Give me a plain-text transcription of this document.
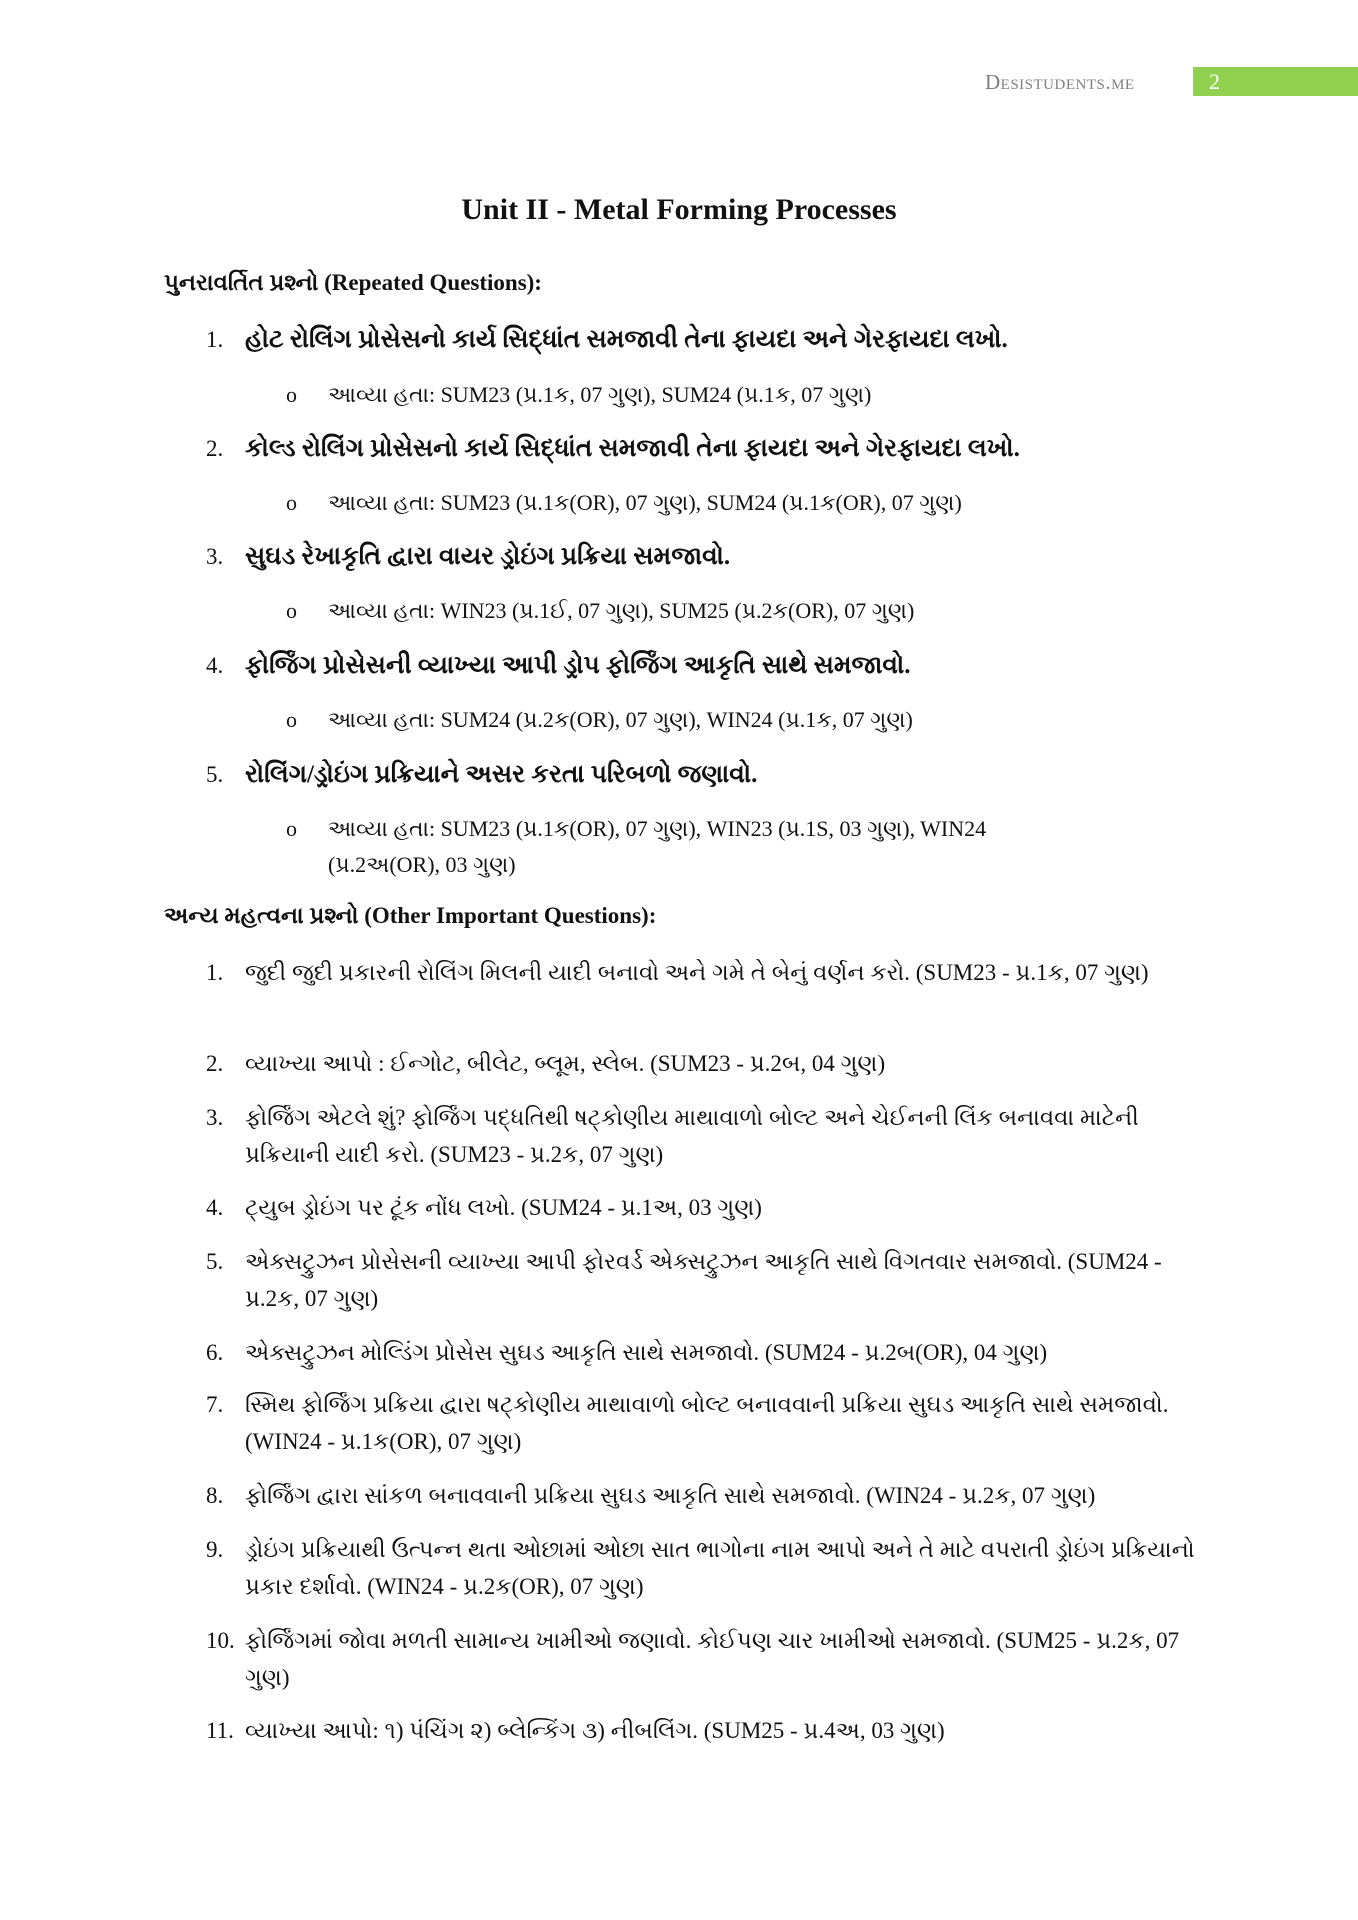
Desistudents.me	2
Unit II - Metal Forming Processes
પુનરાવર્તિત પ્રશ્નો (Repeated Questions):
1. હોટ રોલિંગ પ્રોસેસનો કાર્ય સિદ્ધાંત સમજાવી તેના ફાયદા અને ગેરફાયદા લખો.
o આવ્યા હતા: SUM23 (પ્ર.1ક, 07 ગુણ), SUM24 (પ્ર.1ક, 07 ગુણ)
2. કોલ્ડ રોલિંગ પ્રોસેસનો કાર્ય સિદ્ધાંત સમજાવી તેના ફાયદા અને ગેરફાયદા લખો.
o આવ્યા હતા: SUM23 (પ્ર.1ક(OR), 07 ગુણ), SUM24 (પ્ર.1ક(OR), 07 ગુણ)
3. સુઘડ રેખાકૃતિ દ્વારા વાયર ડ્રોઇંગ પ્રક્રિયા સમજાવો.
o આવ્યા હતા: WIN23 (પ્ર.1ઈ, 07 ગુણ), SUM25 (પ્ર.2ક(OR), 07 ગુણ)
4. ફોર્જિંગ પ્રોસેસની વ્યાખ્યા આપી ડ્રોપ ફોર્જિંગ આકૃતિ સાથે સમજાવો.
o આવ્યા હતા: SUM24 (પ્ર.2ક(OR), 07 ગુણ), WIN24 (પ્ર.1ક, 07 ગુણ)
5. રોલિંગ/ડ્રોઇંગ પ્રક્રિયાને અસર કરતા પરિબળો જણાવો.
o આવ્યા હતા: SUM23 (પ્ર.1ક(OR), 07 ગુણ), WIN23 (પ્ર.1S, 03 ગુણ), WIN24 (પ્ર.2અ(OR), 03 ગુણ)
અન્ય મહત્વના પ્રશ્નો (Other Important Questions):
1. જુદી જુદી પ્રકારની રોલિંગ મિલની યાદી બનાવો અને ગમે તે બેનું વર્ણન કરો. (SUM23 - પ્ર.1ક, 07 ગુણ)
2. વ્યાખ્યા આપો : ઈન્ગોટ, બીલેટ, બ્લૂમ, સ્લેબ. (SUM23 - પ્ર.2બ, 04 ગુણ)
3. ફોર્જિંગ એટલે શું? ફોર્જિંગ પદ્ધતિથી ષટ્કોણીય માથાવાળો બોલ્ટ અને ચેઈનની લિંક બનાવવા માટેની પ્રક્રિયાની યાદી કરો. (SUM23 - પ્ર.2ક, 07 ગુણ)
4. ટ્યુબ ડ્રોઇંગ પર ટૂંક નોંધ લખો. (SUM24 - પ્ર.1અ, 03 ગુણ)
5. એક્સટ્રુઝન પ્રોસેસની વ્યાખ્યા આપી ફોરવર્ડ એક્સટ્રુઝન આકૃતિ સાથે વિગતવાર સમજાવો. (SUM24 - પ્ર.2ક, 07 ગુણ)
6. એક્સટ્રુઝન મોલ્ડિંગ પ્રોસેસ સુઘડ આકૃતિ સાથે સમજાવો. (SUM24 - પ્ર.2બ(OR), 04 ગુણ)
7. સ્મિથ ફોર્જિંગ પ્રક્રિયા દ્વારા ષટ્કોણીય માથાવાળો બોલ્ટ બનાવવાની પ્રક્રિયા સુઘડ આકૃતિ સાથે સમજાવો. (WIN24 - પ્ર.1ક(OR), 07 ગુણ)
8. ફોર્જિંગ દ્વારા સાંકળ બનાવવાની પ્રક્રિયા સુઘડ આકૃતિ સાથે સમજાવો. (WIN24 - પ્ર.2ક, 07 ગુણ)
9. ડ્રોઇંગ પ્રક્રિયાથી ઉત્પન્ન થતા ઓછામાં ઓછા સાત ભાગોના નામ આપો અને તે માટે વપરાતી ડ્રોઇંગ પ્રક્રિયાનો પ્રકાર દર્શાવો. (WIN24 - પ્ર.2ક(OR), 07 ગુણ)
10. ફોર્જિંગમાં જોવા મળતી સામાન્ય ખામીઓ જણાવો. કોઈપણ ચાર ખામીઓ સમજાવો. (SUM25 - પ્ર.2ક, 07 ગુણ)
11. વ્યાખ્યા આપો: ૧) પંચિંગ ૨) બ્લેન્કિંગ ૩) નીબલિંગ. (SUM25 - પ્ર.4અ, 03 ગુણ)
